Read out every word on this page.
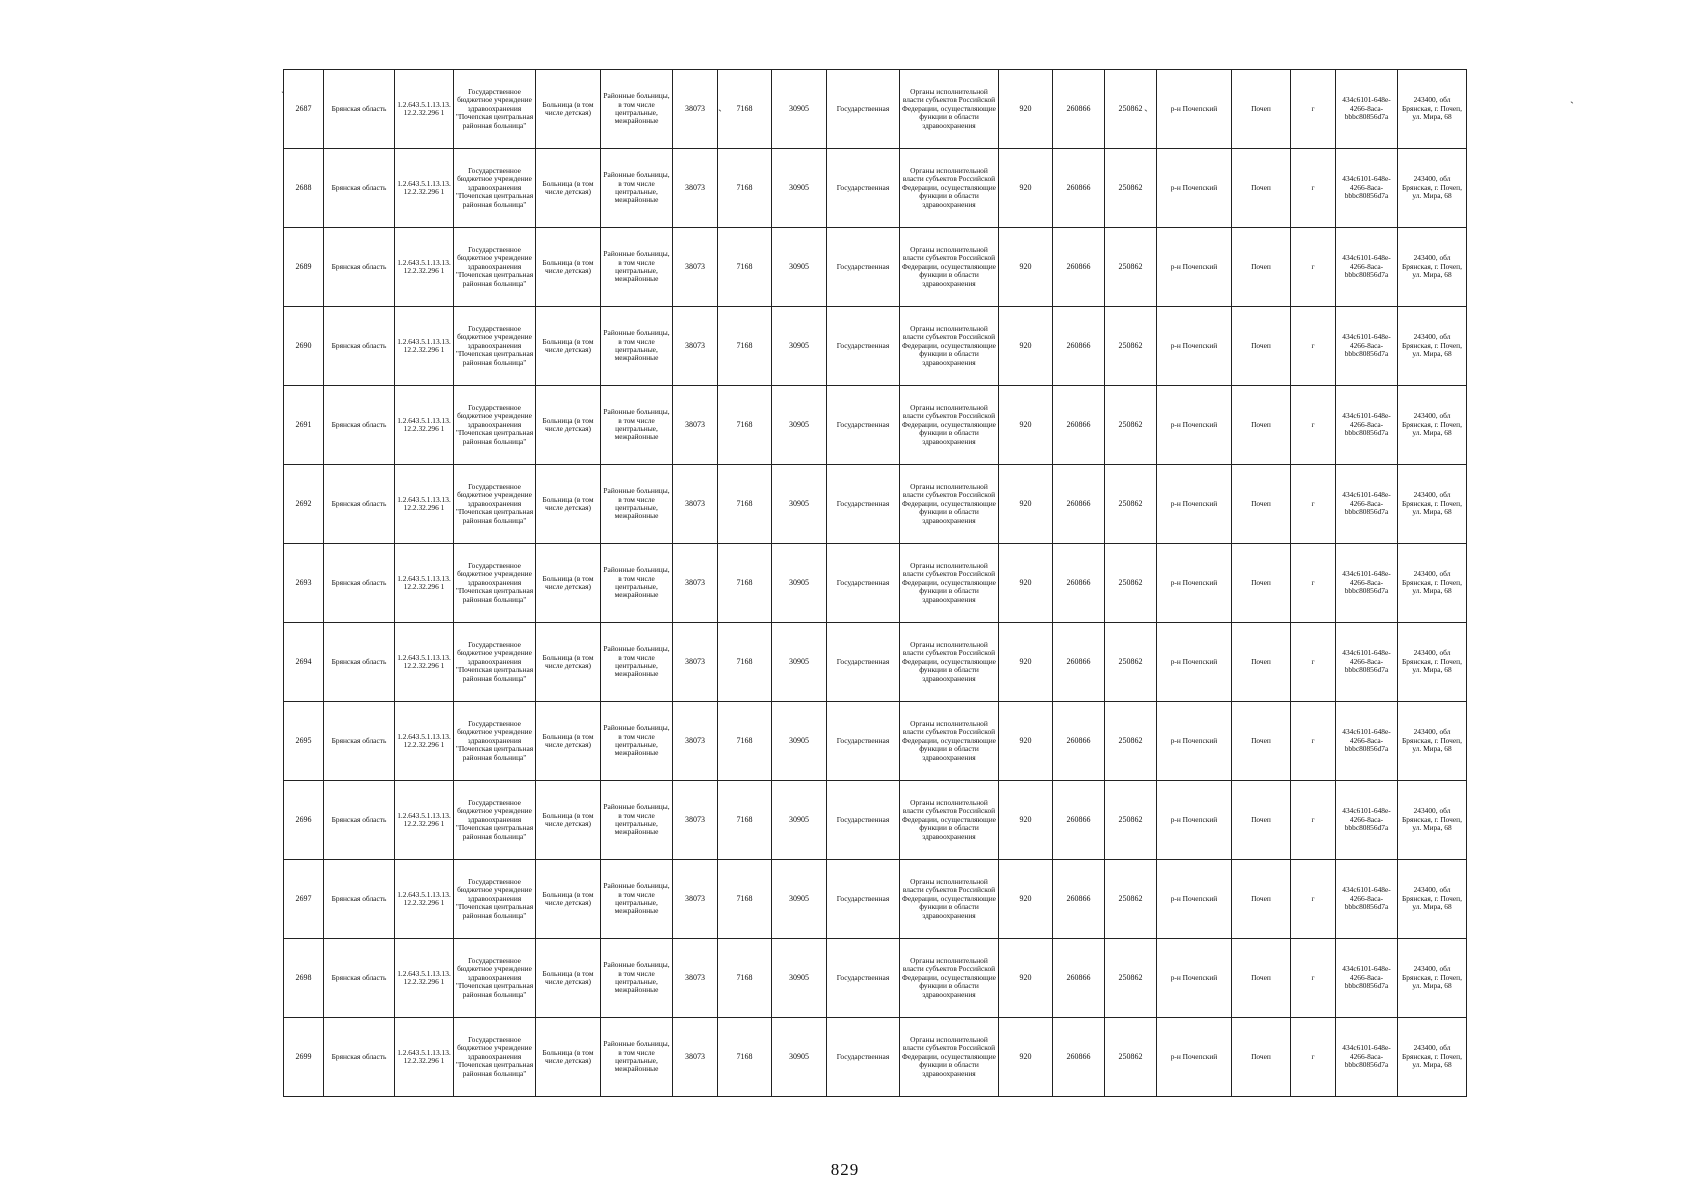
`
`	`
`
2687	Брянская область	1.2.643.5.1.13.13.12.2.32.296 1	Государственное бюджетное учреждение здравоохранения "Почепская центральная районная больница"	Больница (в том числе детская)	Районные больницы, в том числе центральные, межрайонные	38073	7168	30905	Государственная	Органы исполнительной власти субъектов Российской Федерации, осуществляющие функции в области здравоохранения	920	260866	250862	р-н Почепский	Почеп	г	434c6101-648e-4266-8aca-bbbc80856d7a	243400, обл Брянская, г. Почеп, ул. Мира, 68
2688	Брянская область	1.2.643.5.1.13.13.12.2.32.296 1	Государственное бюджетное учреждение здравоохранения "Почепская центральная районная больница"	Больница (в том числе детская)	Районные больницы, в том числе центральные, межрайонные	38073	7168	30905	Государственная	Органы исполнительной власти субъектов Российской Федерации, осуществляющие функции в области здравоохранения	920	260866	250862	р-н Почепский	Почеп	г	434c6101-648e-4266-8aca-bbbc80856d7a	243400, обл Брянская, г. Почеп, ул. Мира, 68
2689	Брянская область	1.2.643.5.1.13.13.12.2.32.296 1	Государственное бюджетное учреждение здравоохранения "Почепская центральная районная больница"	Больница (в том числе детская)	Районные больницы, в том числе центральные, межрайонные	38073	7168	30905	Государственная	Органы исполнительной власти субъектов Российской Федерации, осуществляющие функции в области здравоохранения	920	260866	250862	р-н Почепский	Почеп	г	434c6101-648e-4266-8aca-bbbc80856d7a	243400, обл Брянская, г. Почеп, ул. Мира, 68
2690	Брянская область	1.2.643.5.1.13.13.12.2.32.296 1	Государственное бюджетное учреждение здравоохранения "Почепская центральная районная больница"	Больница (в том числе детская)	Районные больницы, в том числе центральные, межрайонные	38073	7168	30905	Государственная	Органы исполнительной власти субъектов Российской Федерации, осуществляющие функции в области здравоохранения	920	260866	250862	р-н Почепский	Почеп	г	434c6101-648e-4266-8aca-bbbc80856d7a	243400, обл Брянская, г. Почеп, ул. Мира, 68
2691	Брянская область	1.2.643.5.1.13.13.12.2.32.296 1	Государственное бюджетное учреждение здравоохранения "Почепская центральная районная больница"	Больница (в том числе детская)	Районные больницы, в том числе центральные, межрайонные	38073	7168	30905	Государственная	Органы исполнительной власти субъектов Российской Федерации, осуществляющие функции в области здравоохранения	920	260866	250862	р-н Почепский	Почеп	г	434c6101-648e-4266-8aca-bbbc80856d7a	243400, обл Брянская, г. Почеп, ул. Мира, 68
2692	Брянская область	1.2.643.5.1.13.13.12.2.32.296 1	Государственное бюджетное учреждение здравоохранения "Почепская центральная районная больница"	Больница (в том числе детская)	Районные больницы, в том числе центральные, межрайонные	38073	7168	30905	Государственная	Органы исполнительной власти субъектов Российской Федерации, осуществляющие функции в области здравоохранения	920	260866	250862	р-н Почепский	Почеп	г	434c6101-648e-4266-8aca-bbbc80856d7a	243400, обл Брянская, г. Почеп, ул. Мира, 68
2693	Брянская область	1.2.643.5.1.13.13.12.2.32.296 1	Государственное бюджетное учреждение здравоохранения "Почепская центральная районная больница"	Больница (в том числе детская)	Районные больницы, в том числе центральные, межрайонные	38073	7168	30905	Государственная	Органы исполнительной власти субъектов Российской Федерации, осуществляющие функции в области здравоохранения	920	260866	250862	р-н Почепский	Почеп	г	434c6101-648e-4266-8aca-bbbc80856d7a	243400, обл Брянская, г. Почеп, ул. Мира, 68
2694	Брянская область	1.2.643.5.1.13.13.12.2.32.296 1	Государственное бюджетное учреждение здравоохранения "Почепская центральная районная больница"	Больница (в том числе детская)	Районные больницы, в том числе центральные, межрайонные	38073	7168	30905	Государственная	Органы исполнительной власти субъектов Российской Федерации, осуществляющие функции в области здравоохранения	920	260866	250862	р-н Почепский	Почеп	г	434c6101-648e-4266-8aca-bbbc80856d7a	243400, обл Брянская, г. Почеп, ул. Мира, 68
2695	Брянская область	1.2.643.5.1.13.13.12.2.32.296 1	Государственное бюджетное учреждение здравоохранения "Почепская центральная районная больница"	Больница (в том числе детская)	Районные больницы, в том числе центральные, межрайонные	38073	7168	30905	Государственная	Органы исполнительной власти субъектов Российской Федерации, осуществляющие функции в области здравоохранения	920	260866	250862	р-н Почепский	Почеп	г	434c6101-648e-4266-8aca-bbbc80856d7a	243400, обл Брянская, г. Почеп, ул. Мира, 68
2696	Брянская область	1.2.643.5.1.13.13.12.2.32.296 1	Государственное бюджетное учреждение здравоохранения "Почепская центральная районная больница"	Больница (в том числе детская)	Районные больницы, в том числе центральные, межрайонные	38073	7168	30905	Государственная	Органы исполнительной власти субъектов Российской Федерации, осуществляющие функции в области здравоохранения	920	260866	250862	р-н Почепский	Почеп	г	434c6101-648e-4266-8aca-bbbc80856d7a	243400, обл Брянская, г. Почеп, ул. Мира, 68
2697	Брянская область	1.2.643.5.1.13.13.12.2.32.296 1	Государственное бюджетное учреждение здравоохранения "Почепская центральная районная больница"	Больница (в том числе детская)	Районные больницы, в том числе центральные, межрайонные	38073	7168	30905	Государственная	Органы исполнительной власти субъектов Российской Федерации, осуществляющие функции в области здравоохранения	920	260866	250862	р-н Почепский	Почеп	г	434c6101-648e-4266-8aca-bbbc80856d7a	243400, обл Брянская, г. Почеп, ул. Мира, 68
2698	Брянская область	1.2.643.5.1.13.13.12.2.32.296 1	Государственное бюджетное учреждение здравоохранения "Почепская центральная районная больница"	Больница (в том числе детская)	Районные больницы, в том числе центральные, межрайонные	38073	7168	30905	Государственная	Органы исполнительной власти субъектов Российской Федерации, осуществляющие функции в области здравоохранения	920	260866	250862	р-н Почепский	Почеп	г	434c6101-648e-4266-8aca-bbbc80856d7a	243400, обл Брянская, г. Почеп, ул. Мира, 68
2699	Брянская область	1.2.643.5.1.13.13.12.2.32.296 1	Государственное бюджетное учреждение здравоохранения "Почепская центральная районная больница"	Больница (в том числе детская)	Районные больницы, в том числе центральные, межрайонные	38073	7168	30905	Государственная	Органы исполнительной власти субъектов Российской Федерации, осуществляющие функции в области здравоохранения	920	260866	250862	р-н Почепский	Почеп	г	434c6101-648e-4266-8aca-bbbc80856d7a	243400, обл Брянская, г. Почеп, ул. Мира, 68
829
